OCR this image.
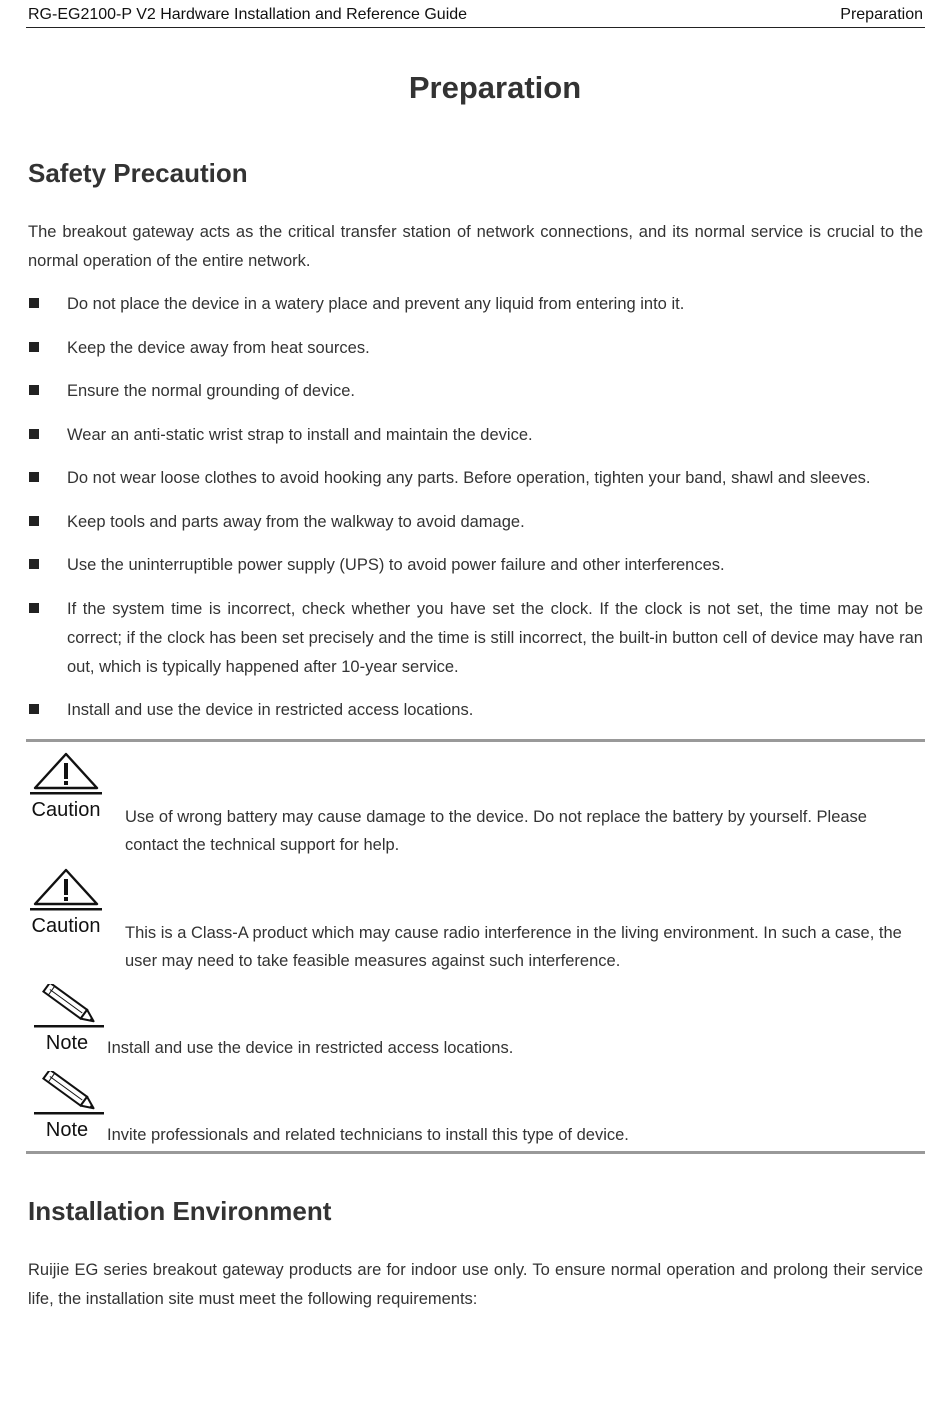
RG-EG2100-P V2 Hardware Installation and Reference Guide	Preparation
Preparation
Safety Precaution
The breakout gateway acts as the critical transfer station of network connections, and its normal service is crucial to the normal operation of the entire network.
Do not place the device in a watery place and prevent any liquid from entering into it.
Keep the device away from heat sources.
Ensure the normal grounding of device.
Wear an anti-static wrist strap to install and maintain the device.
Do not wear loose clothes to avoid hooking any parts. Before operation, tighten your band, shawl and sleeves.
Keep tools and parts away from the walkway to avoid damage.
Use the uninterruptible power supply (UPS) to avoid power failure and other interferences.
If the system time is incorrect, check whether you have set the clock. If the clock is not set, the time may not be correct; if the clock has been set precisely and the time is still incorrect, the built-in button cell of device may have ran out, which is typically happened after 10-year service.
Install and use the device in restricted access locations.
Caution Use of wrong battery may cause damage to the device. Do not replace the battery by yourself. Please contact the technical support for help.
Caution This is a Class-A product which may cause radio interference in the living environment. In such a case, the user may need to take feasible measures against such interference.
Note	Install and use the device in restricted access locations.
Note	Invite professionals and related technicians to install this type of device.
Installation Environment
Ruijie EG series breakout gateway products are for indoor use only. To ensure normal operation and prolong their service life, the installation site must meet the following requirements:
